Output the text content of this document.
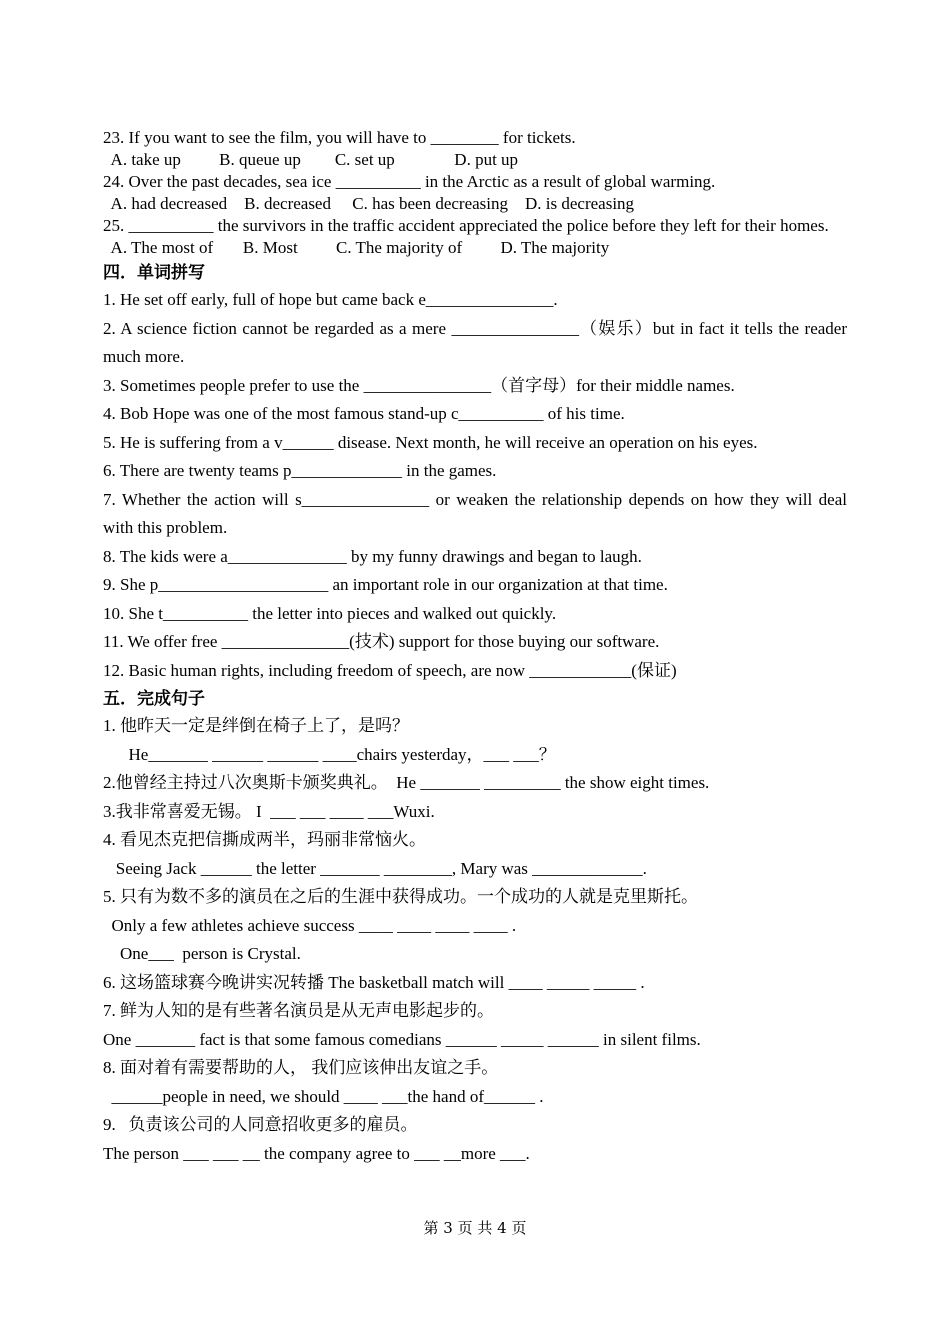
23. If you want to see the film, you will have to ________ for tickets.
A. take up         B. queue up        C. set up              D. put up
24. Over the past decades, sea ice __________ in the Arctic as a result of global warming.
A. had decreased    B. decreased     C. has been decreasing    D. is decreasing
25. __________ the survivors in the traffic accident appreciated the police before they left for their homes.
A. The most of       B. Most         C. The majority of         D. The majority
四．单词拼写
1. He set off early, full of hope but came back e_______________.
2. A science fiction cannot be regarded as a mere _______________（娱乐）but in fact it tells the reader much more.
3. Sometimes people prefer to use the _______________（首字母）for their middle names.
4. Bob Hope was one of the most famous stand-up c__________ of his time.
5. He is suffering from a v______ disease. Next month, he will receive an operation on his eyes.
6. There are twenty teams p_____________ in the games.
7. Whether the action will s_______________ or weaken the relationship depends on how they will deal with this problem.
8. The kids were a______________ by my funny drawings and began to laugh.
9. She p____________________ an important role in our organization at that time.
10. She t__________ the letter into pieces and walked out quickly.
11. We offer free _______________(技术) support for those buying our software.
12. Basic human rights, including freedom of speech, are now ____________(保证)
五．完成句子
1. 他昨天一定是绊倒在椅子上了，是吗？
He_______ ______ ______ ____chairs yesterday，___ ___？
2.他曾经主持过八次奥斯卡颁奖典礼。  He _______ _________ the show eight times.
3.我非常喜爱无锡。 I  ___ ___ ____ ___Wuxi.
4. 看见杰克把信撕成两半，玛丽非常恼火。
Seeing Jack ______ the letter _______ ________, Mary was _____________.
5. 只有为数不多的演员在之后的生涯中获得成功。一个成功的人就是克里斯托。
Only a few athletes achieve success ____ ____ ____ ____ .
One___  person is Crystal.
6. 这场篮球赛今晚讲实况转播 The basketball match will ____ _____ _____ .
7. 鲜为人知的是有些著名演员是从无声电影起步的。
One _______ fact is that some famous comedians ______ _____ ______ in silent films.
8. 面对着有需要帮助的人， 我们应该伸出友谊之手。
______people in need, we should ____ ___the hand of______ .
9.   负责该公司的人同意招收更多的雇员。
The person ___ ___ __ the company agree to ___ __more ___.
第 3 页 共 4 页
